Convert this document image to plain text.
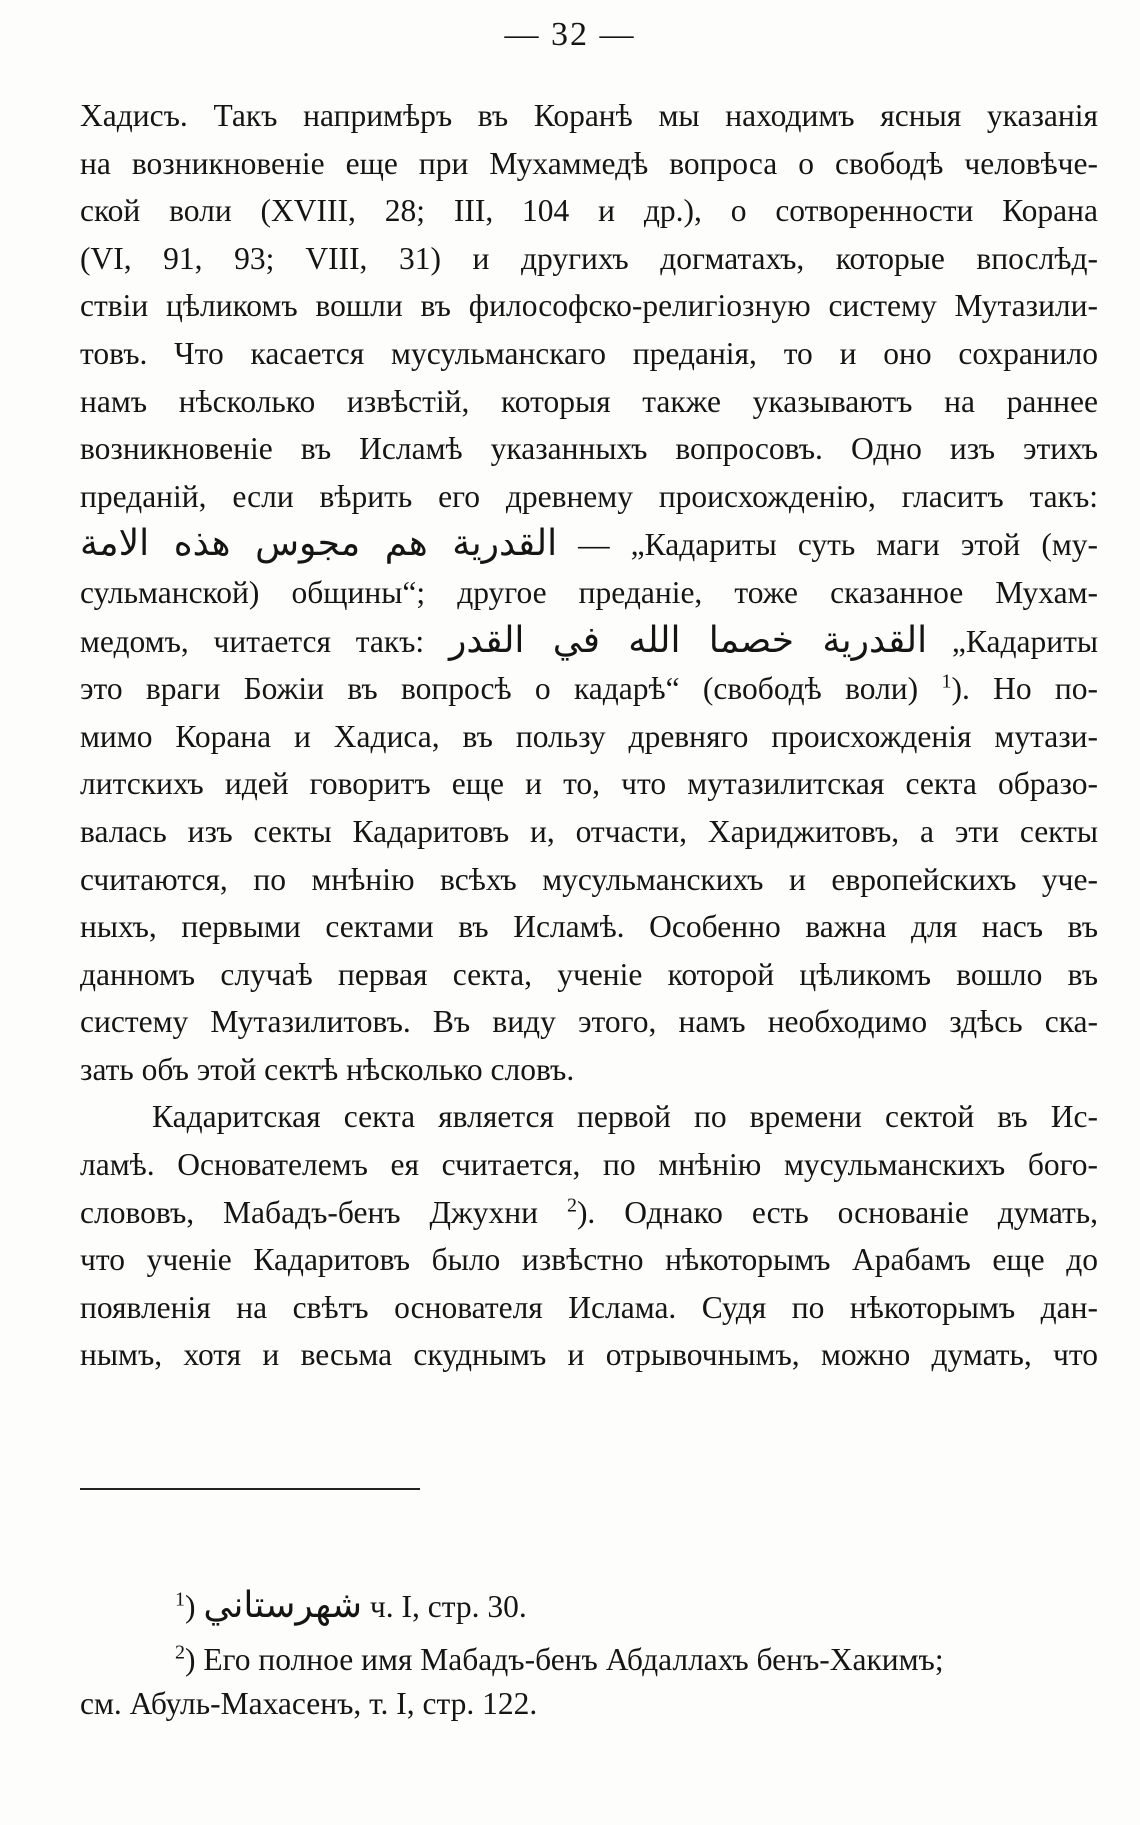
— 32 —

Хадисъ. Такъ напримѣръ въ Коранѣ мы находимъ ясныя указанія

на возникновеніе еще при Мухаммедѣ вопроса о свободѣ человѣче-

ской воли (XVIII, 28; III, 104 и др.), о сотворенности Корана

(VI, 91, 93; VIII, 31) и другихъ догматахъ, которые впослѣд-

ствіи цѣликомъ вошли въ философско-религіозную систему Мутазили-

товъ. Что касается мусульманскаго преданія, то и оно сохранило

намъ нѣсколько извѣстій, которыя также указываютъ на раннее

возникновеніе въ Исламѣ указанныхъ вопросовъ. Одно изъ этихъ

преданій, если вѣрить его древнему происхожденію, гласитъ такъ:

القدرية هم مجوس هذه الامة — „Кадариты суть маги этой (му-

сульманской) общины“; другое преданіе, тоже сказанное Мухам-

медомъ, читается такъ: القدرية خصما الله في القدر „Кадариты

это враги Божіи въ вопросѣ о кадарѣ“ (свободѣ воли) $^1$). Но по-

мимо Корана и Хадиса, въ пользу древняго происхожденія мутази-

литскихъ идей говоритъ еще и то, что мутазилитская секта образо-

валась изъ секты Кадаритовъ и, отчасти, Хариджитовъ, а эти секты

считаются, по мнѣнію всѣхъ мусульманскихъ и европейскихъ уче-

ныхъ, первыми сектами въ Исламѣ. Особенно важна для насъ въ

данномъ случаѣ первая секта, ученіе которой цѣликомъ вошло въ

систему Мутазилитовъ. Въ виду этого, намъ необходимо здѣсь ска-

зать объ этой сектѣ нѣсколько словъ.

Кадаритская секта является первой по времени сектой въ Ис-

ламѣ. Основателемъ ея считается, по мнѣнію мусульманскихъ бого-

слововъ, Мабадъ-бенъ Джухни $^2$). Однако есть основаніе думать,

что ученіе Кадаритовъ было извѣстно нѣкоторымъ Арабамъ еще до

появленія на свѣтъ основателя Ислама. Судя по нѣкоторымъ дан-

нымъ, хотя и весьма скуднымъ и отрывочнымъ, можно думать, что

$^1$) شهرستاني ч. I, стр. 30.

$^2$) Его полное имя Мабадъ-бенъ Абдаллахъ бенъ-Хакимъ;

см. Абуль-Махасенъ, т. I, стр. 122.
